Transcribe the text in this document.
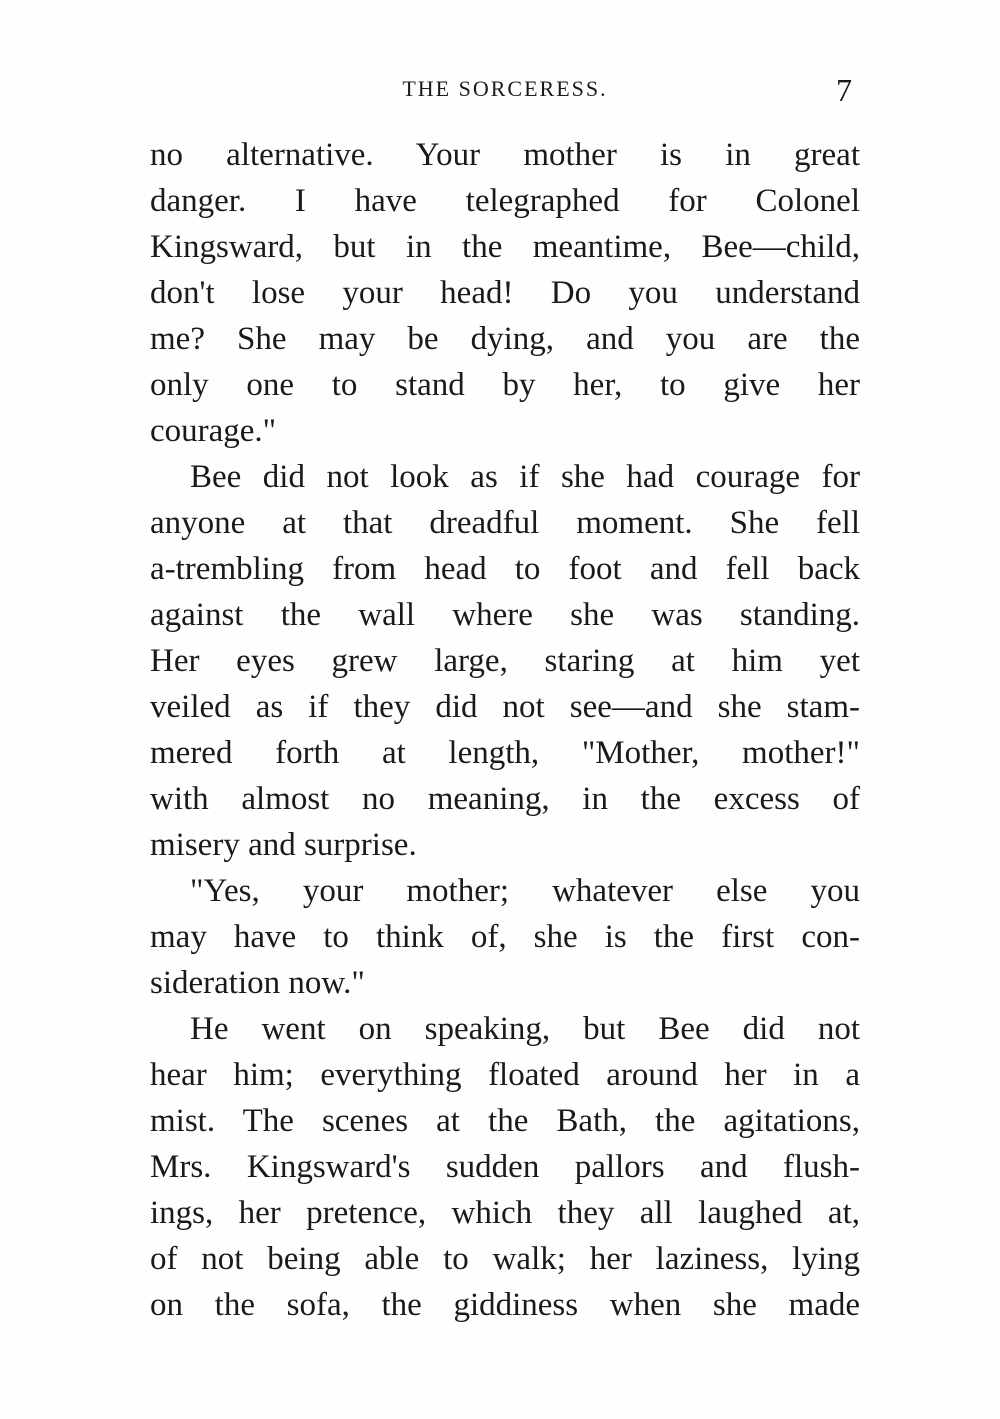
THE SORCERESS.	7
no alternative. Your mother is in great
danger. I have telegraphed for Colonel
Kingsward, but in the meantime, Bee—child,
don't lose your head! Do you understand
me? She may be dying, and you are the
only one to stand by her, to give her
courage."
Bee did not look as if she had courage for
anyone at that dreadful moment. She fell
a-trembling from head to foot and fell back
against the wall where she was standing.
Her eyes grew large, staring at him yet
veiled as if they did not see—and she stam-
mered forth at length, "Mother, mother!"
with almost no meaning, in the excess of
misery and surprise.
"Yes, your mother; whatever else you
may have to think of, she is the first con-
sideration now."
He went on speaking, but Bee did not
hear him; everything floated around her in a
mist. The scenes at the Bath, the agitations,
Mrs. Kingsward's sudden pallors and flush-
ings, her pretence, which they all laughed at,
of not being able to walk; her laziness, lying
on the sofa, the giddiness when she made
